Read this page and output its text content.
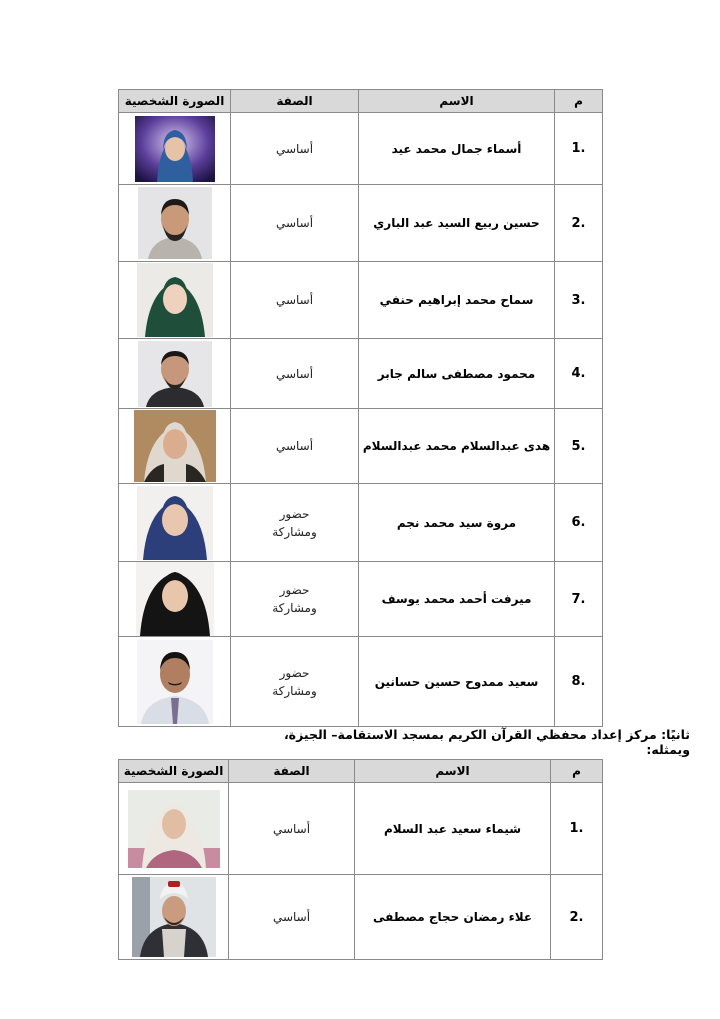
م	الاسم	الصفة	الصورة الشخصية
1.	أسماء جمال محمد عيد	أساسي	

2.	حسين ربيع السيد عبد الباري	أساسي	

3.	سماح محمد إبراهيم حنفي	أساسي	

4.	محمود مصطفى سالم جابر	أساسي	

5.	هدى عبدالسلام محمد عبدالسلام	أساسي	

6.	مروة سيد محمد نجم	حضور
ومشاركة

7.	ميرفت أحمد محمد يوسف	حضور
ومشاركة

8.	سعيد ممدوح حسين حسانين	حضور
ومشاركة

ثانيًا: مركز إعداد محفظي القرآن الكريم بمسجد الاستقامة– الجيزة، ويمثله:
م	الاسم	الصفة	الصورة الشخصية
1.	شيماء سعيد عبد السلام	أساسي	

2.	علاء رمضان حجاج مصطفى	أساسي	
